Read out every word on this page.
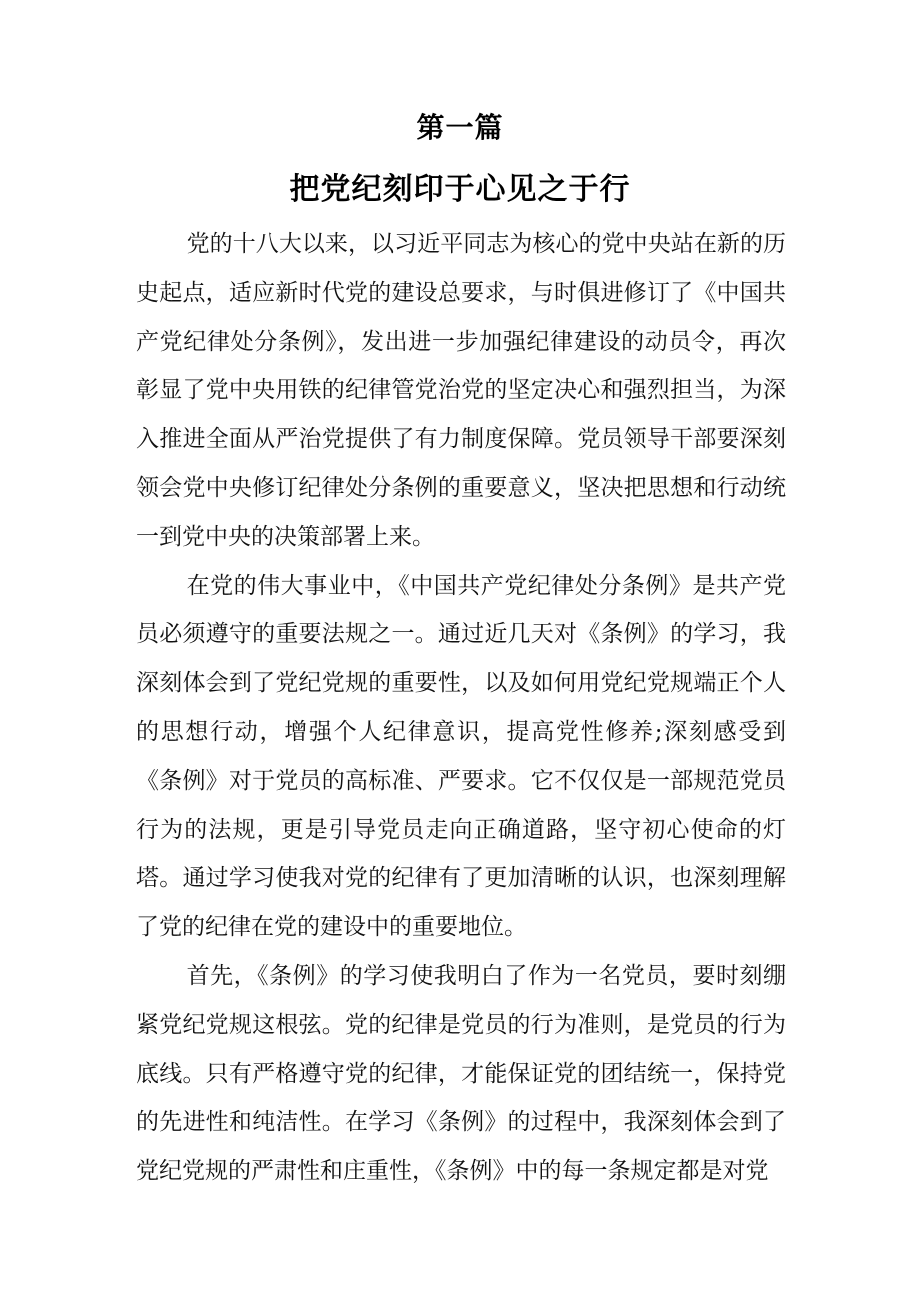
第一篇
把党纪刻印于心见之于行

党的十八大以来，以习近平同志为核心的党中央站在新的历史起点，适应新时代党的建设总要求，与时俱进修订了《中国共产党纪律处分条例》，发出进一步加强纪律建设的动员令，再次彰显了党中央用铁的纪律管党治党的坚定决心和强烈担当，为深入推进全面从严治党提供了有力制度保障。党员领导干部要深刻领会党中央修订纪律处分条例的重要意义，坚决把思想和行动统一到党中央的决策部署上来。

在党的伟大事业中，《中国共产党纪律处分条例》是共产党员必须遵守的重要法规之一。通过近几天对《条例》的学习，我深刻体会到了党纪党规的重要性，以及如何用党纪党规端正个人的思想行动，增强个人纪律意识，提高党性修养;深刻感受到《条例》对于党员的高标准、严要求。它不仅仅是一部规范党员行为的法规，更是引导党员走向正确道路，坚守初心使命的灯塔。通过学习使我对党的纪律有了更加清晰的认识，也深刻理解了党的纪律在党的建设中的重要地位。

首先，《条例》的学习使我明白了作为一名党员，要时刻绷紧党纪党规这根弦。党的纪律是党员的行为准则，是党员的行为底线。只有严格遵守党的纪律，才能保证党的团结统一，保持党的先进性和纯洁性。在学习《条例》的过程中，我深刻体会到了党纪党规的严肃性和庄重性，《条例》中的每一条规定都是对党
